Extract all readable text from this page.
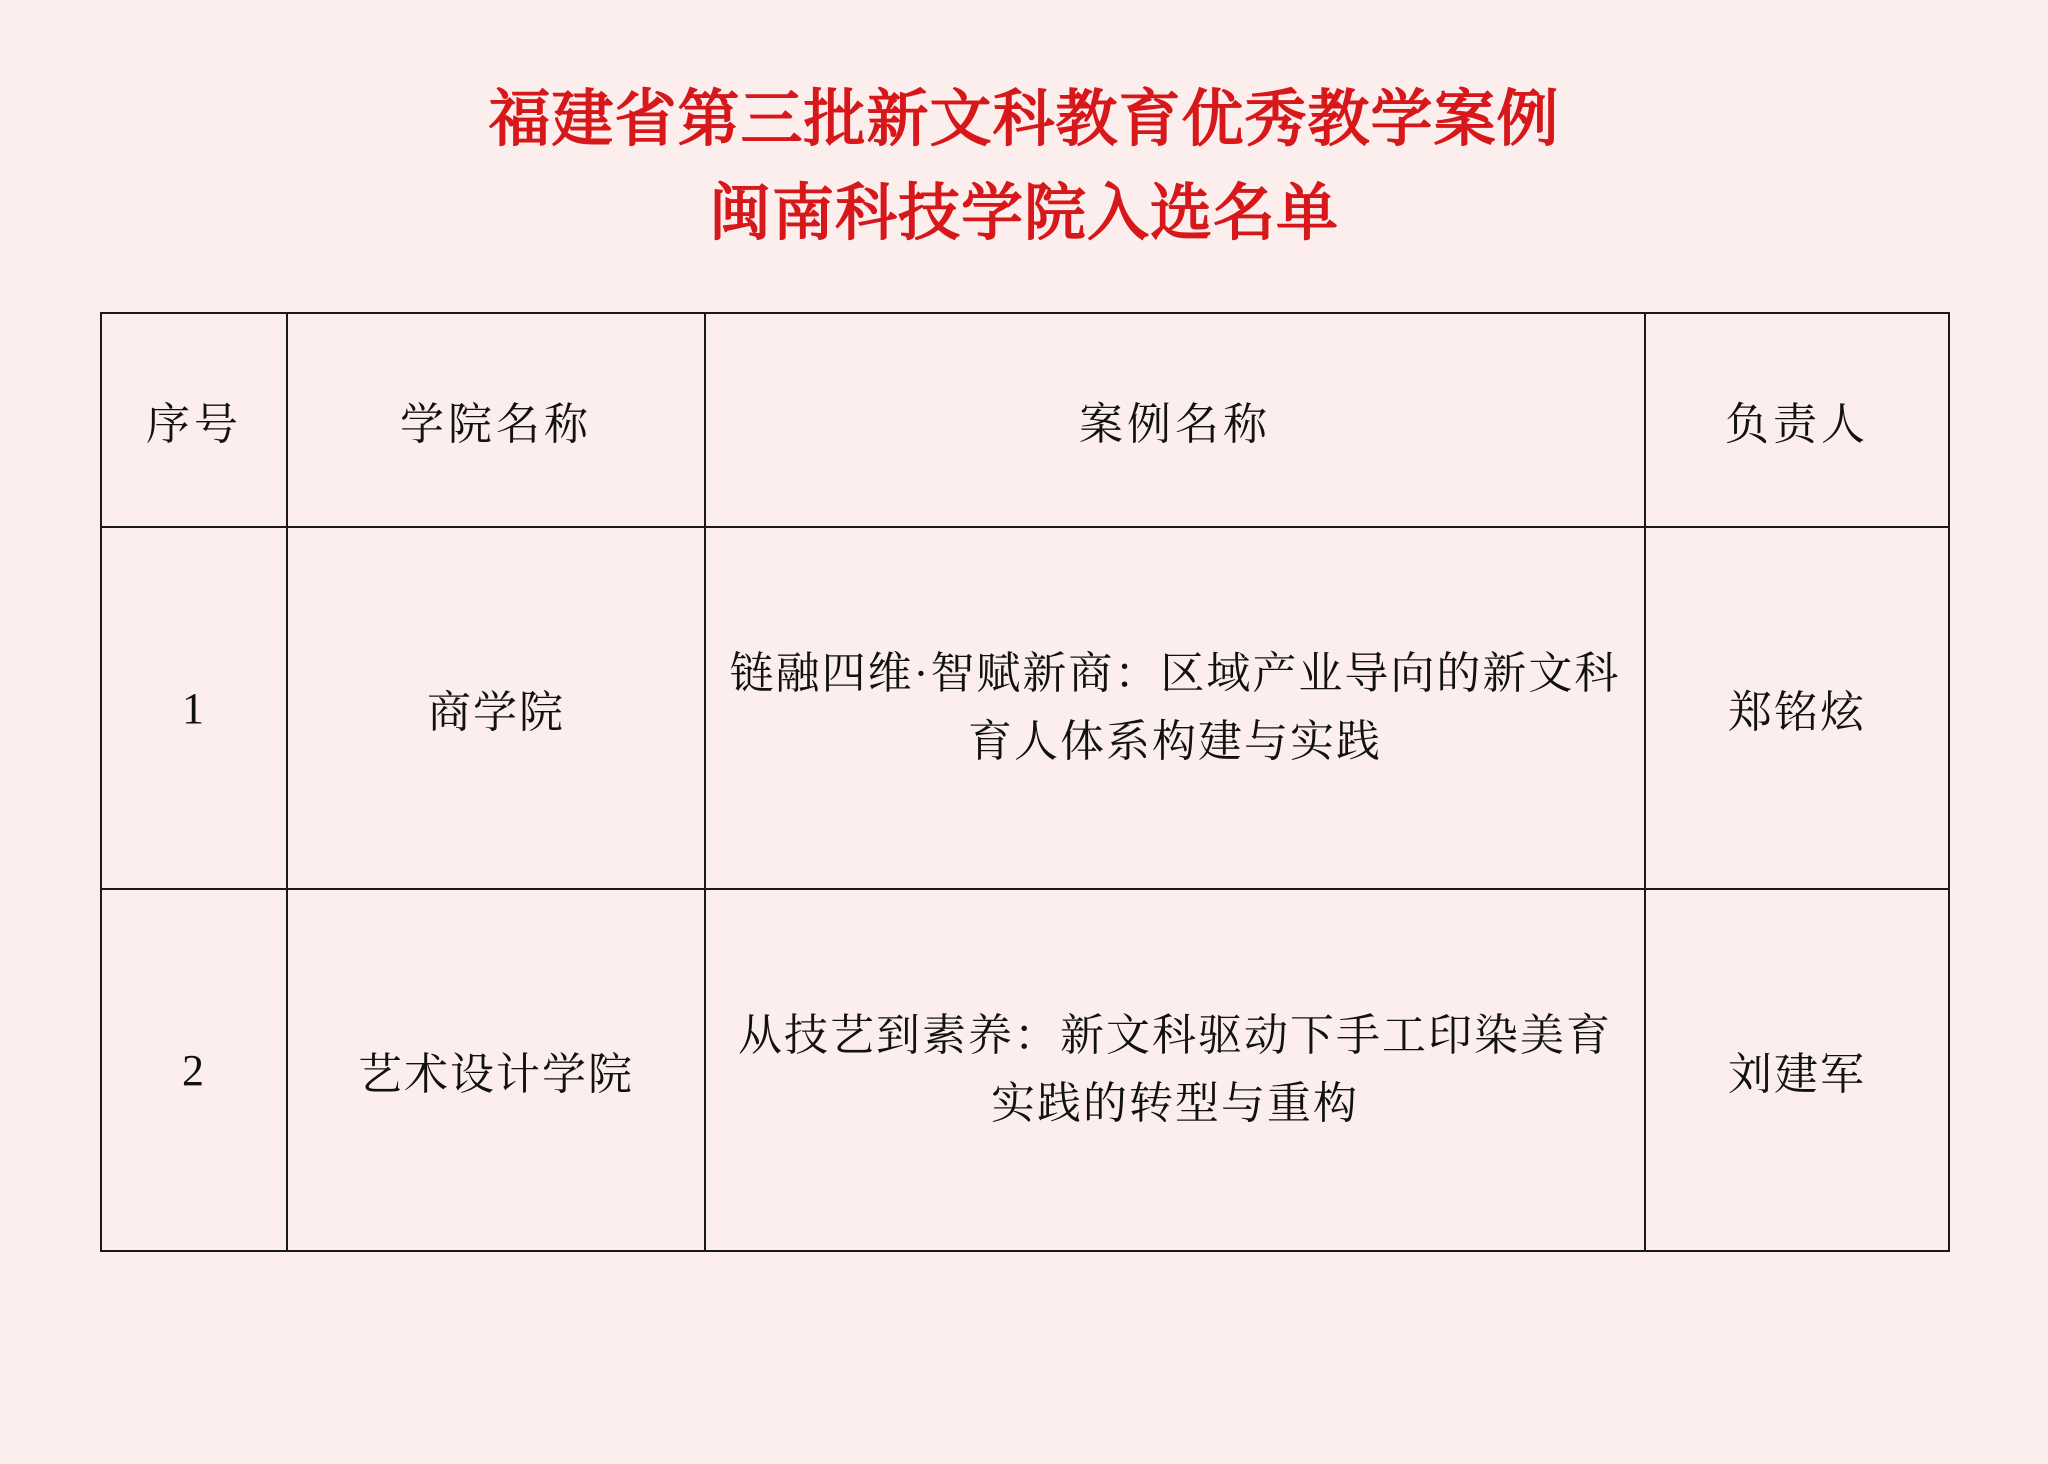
福建省第三批新文科教育优秀教学案例
闽南科技学院入选名单
序号	学院名称	案例名称	负责人
1	商学院	链融四维·智赋新商：区域产业导向的新文科育人体系构建与实践	郑铭炫
2	艺术设计学院	从技艺到素养：新文科驱动下手工印染美育实践的转型与重构	刘建军
